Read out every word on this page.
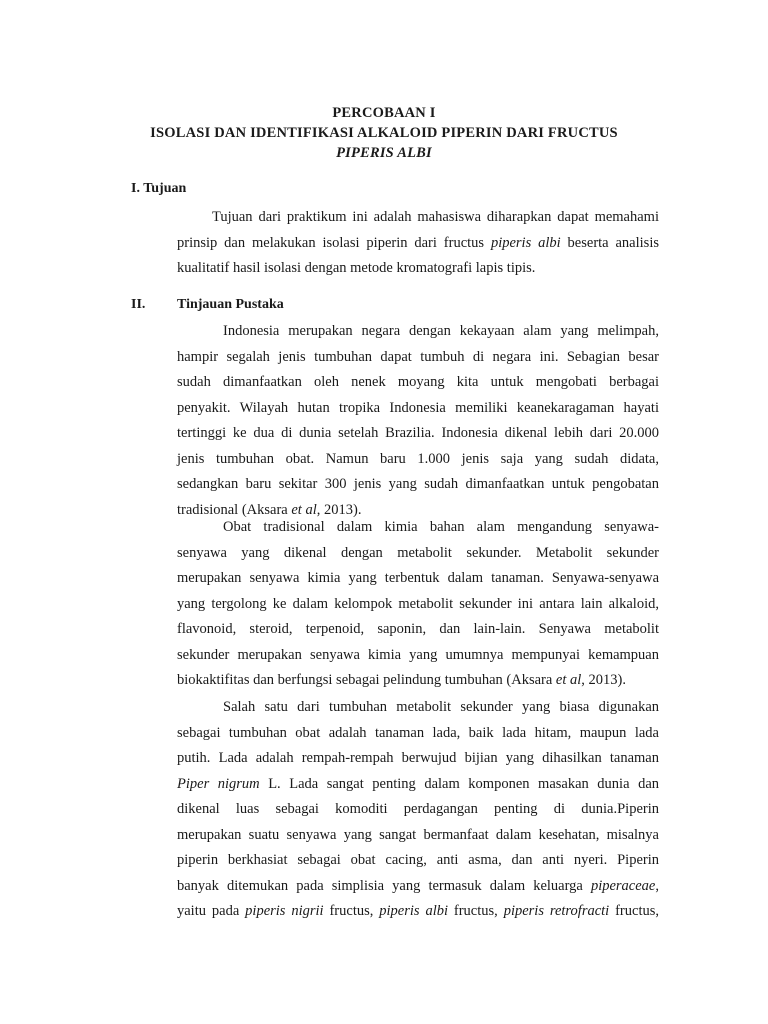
PERCOBAAN I
ISOLASI DAN IDENTIFIKASI ALKALOID PIPERIN DARI FRUCTUS
PIPERIS ALBI
I. Tujuan
Tujuan dari praktikum ini adalah mahasiswa diharapkan dapat memahami
prinsip dan melakukan isolasi piperin dari fructus piperis albi beserta analisis
kualitatif hasil isolasi dengan metode kromatografi lapis tipis.
II. Tinjauan Pustaka
Indonesia merupakan negara dengan kekayaan alam yang melimpah,
hampir segalah jenis tumbuhan dapat tumbuh di negara ini. Sebagian besar
sudah dimanfaatkan oleh nenek moyang kita untuk mengobati berbagai
penyakit. Wilayah hutan tropika Indonesia memiliki keanekaragaman hayati
tertinggi ke dua di dunia setelah Brazilia. Indonesia dikenal lebih dari 20.000
jenis tumbuhan obat. Namun baru 1.000 jenis saja yang sudah didata,
sedangkan baru sekitar 300 jenis yang sudah dimanfaatkan untuk pengobatan
tradisional (Aksara et al, 2013).
Obat tradisional dalam kimia bahan alam mengandung senyawa-
senyawa yang dikenal dengan metabolit sekunder. Metabolit sekunder
merupakan senyawa kimia yang terbentuk dalam tanaman. Senyawa-senyawa
yang tergolong ke dalam kelompok metabolit sekunder ini antara lain alkaloid,
flavonoid, steroid, terpenoid, saponin, dan lain-lain. Senyawa metabolit
sekunder merupakan senyawa kimia yang umumnya mempunyai kemampuan
biokaktifitas dan berfungsi sebagai pelindung tumbuhan (Aksara et al, 2013).
Salah satu dari tumbuhan metabolit sekunder yang biasa digunakan
sebagai tumbuhan obat adalah tanaman lada, baik lada hitam, maupun lada
putih. Lada adalah rempah-rempah berwujud bijian yang dihasilkan tanaman
Piper nigrum L. Lada sangat penting dalam komponen masakan dunia dan
dikenal luas sebagai komoditi perdagangan penting di dunia.Piperin
merupakan suatu senyawa yang sangat bermanfaat dalam kesehatan, misalnya
piperin berkhasiat sebagai obat cacing, anti asma, dan anti nyeri. Piperin
banyak ditemukan pada simplisia yang termasuk dalam keluarga piperaceae,
yaitu pada piperis nigrii fructus, piperis albi fructus, piperis retrofracti fructus,
